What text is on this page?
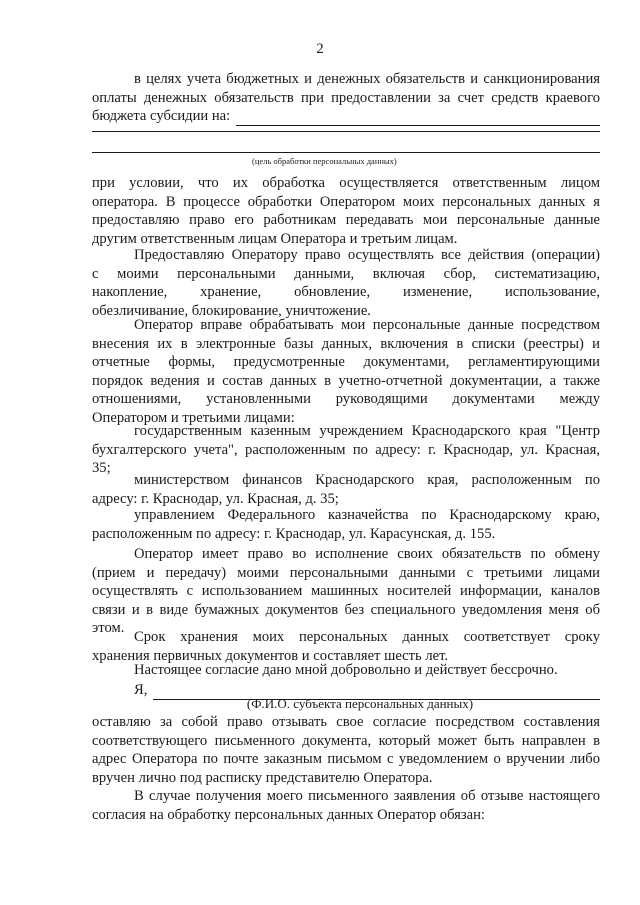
2

в целях учета бюджетных и денежных обязательств и санкционирования

оплаты денежных обязательств при предоставлении за счет средств краевого

бюджета субсидии на:
(цель обработки персональных данных)

при условии, что их обработка осуществляется ответственным лицом

оператора. В процессе обработки Оператором моих персональных данных я

предоставляю право его работникам передавать мои персональные данные

другим ответственным лицам Оператора и третьим лицам.

Предоставляю Оператору право осуществлять все действия (операции)

с моими персональными данными, включая сбор, систематизацию,

накопление, хранение, обновление, изменение, использование,

обезличивание, блокирование, уничтожение.

Оператор вправе обрабатывать мои персональные данные посредством

внесения их в электронные базы данных, включения в списки (реестры) и

отчетные формы, предусмотренные документами, регламентирующими

порядок ведения и состав данных в учетно-отчетной документации, а также

отношениями, установленными руководящими документами между

Оператором и третьими лицами:

государственным казенным учреждением Краснодарского края "Центр

бухгалтерского учета", расположенным по адресу: г. Краснодар, ул. Красная,

35;

министерством финансов Краснодарского края, расположенным по

адресу: г. Краснодар, ул. Красная, д. 35;

управлением Федерального казначейства по Краснодарскому краю,

расположенным по адресу: г. Краснодар, ул. Карасунская, д. 155.

Оператор имеет право во исполнение своих обязательств по обмену

(прием и передачу) моими персональными данными с третьими лицами

осуществлять с использованием машинных носителей информации, каналов

связи и в виде бумажных документов без специального уведомления меня об

этом.

Срок хранения моих персональных данных соответствует сроку

хранения первичных документов и составляет шесть лет.

Настоящее согласие дано мной добровольно и действует бессрочно.

Я,
(Ф.И.О. субъекта персональных данных)

оставляю за собой право отзывать свое согласие посредством составления

соответствующего письменного документа, который может быть направлен в

адрес Оператора по почте заказным письмом с уведомлением о вручении либо

вручен лично под расписку представителю Оператора.

В случае получения моего письменного заявления об отзыве настоящего

согласия на обработку персональных данных Оператор обязан:
